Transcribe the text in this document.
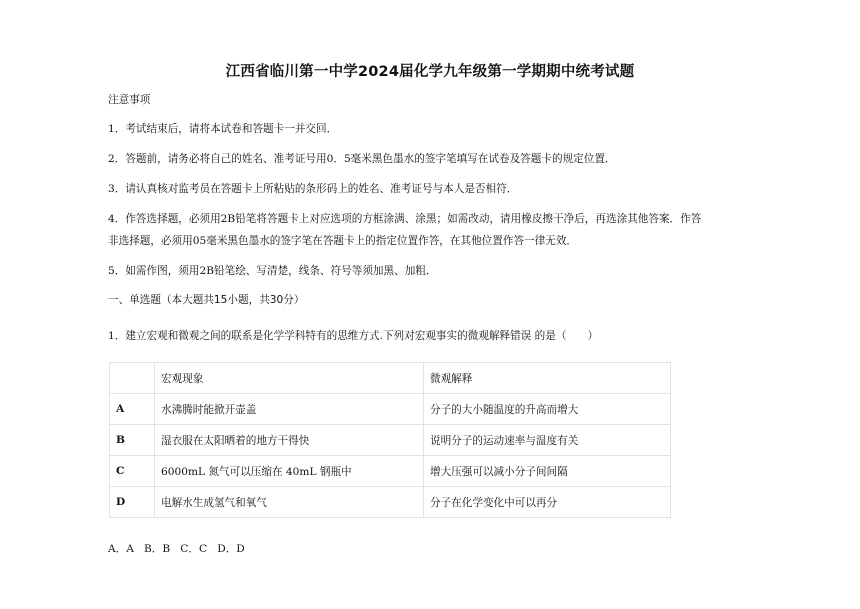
江西省临川第一中学2024届化学九年级第一学期期中统考试题
注意事项
1．考试结束后，请将本试卷和答题卡一并交回．
2．答题前，请务必将自己的姓名、准考证号用0．5毫米黑色墨水的签字笔填写在试卷及答题卡的规定位置．
3．请认真核对监考员在答题卡上所粘贴的条形码上的姓名、准考证号与本人是否相符．
4．作答选择题，必须用2B铅笔将答题卡上对应选项的方框涂满、涂黑；如需改动，请用橡皮擦干净后，再选涂其他答案．作答
非选择题，必须用05毫米黑色墨水的签字笔在答题卡上的指定位置作答，在其他位置作答一律无效．
5．如需作图，须用2B铅笔绘、写清楚，线条、符号等须加黑、加粗．
一、单选题（本大题共15小题，共30分）
1．建立宏观和微观之间的联系是化学学科特有的思维方式.下列对宏观事实的微观解释错误 的是（　　）
	宏观现象	微观解释
A	水沸腾时能掀开壶盖	分子的大小随温度的升高而增大
B	湿衣服在太阳晒着的地方干得快	说明分子的运动速率与温度有关
C	6000mL 氮气可以压缩在 40mL 钢瓶中	增大压强可以减小分子间间隔
D	电解水生成氢气和氧气	分子在化学变化中可以再分
A．A B．B C．C D．D
